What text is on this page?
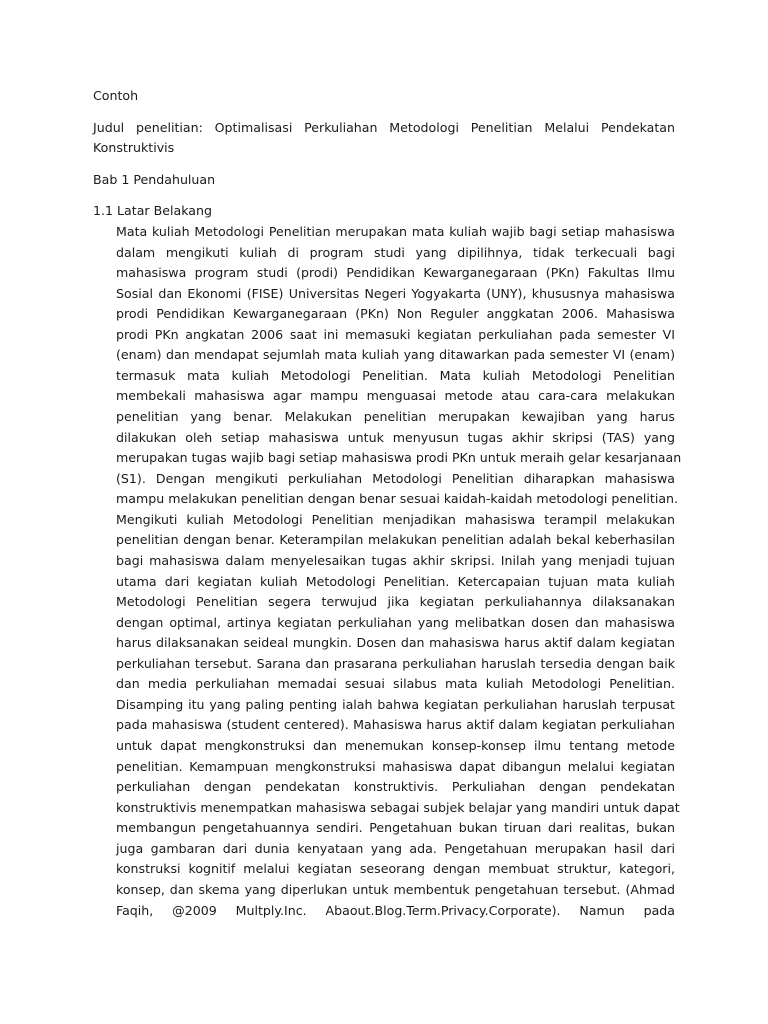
Contoh
Judul penelitian: Optimalisasi Perkuliahan Metodologi Penelitian Melalui Pendekatan
Konstruktivis
Bab 1 Pendahuluan
1.1 Latar Belakang
Mata kuliah Metodologi Penelitian merupakan mata kuliah wajib bagi setiap mahasiswa
dalam mengikuti kuliah di program studi yang dipilihnya, tidak terkecuali bagi
mahasiswa program studi (prodi) Pendidikan Kewarganegaraan (PKn) Fakultas Ilmu
Sosial dan Ekonomi (FISE) Universitas Negeri Yogyakarta (UNY), khususnya mahasiswa
prodi Pendidikan Kewarganegaraan (PKn) Non Reguler anggkatan 2006. Mahasiswa
prodi PKn angkatan 2006 saat ini memasuki kegiatan perkuliahan pada semester VI
(enam) dan mendapat sejumlah mata kuliah yang ditawarkan pada semester VI (enam)
termasuk mata kuliah Metodologi Penelitian. Mata kuliah Metodologi Penelitian
membekali mahasiswa agar mampu menguasai metode atau cara-cara melakukan
penelitian yang benar. Melakukan penelitian merupakan kewajiban yang harus
dilakukan oleh setiap mahasiswa untuk menyusun tugas akhir skripsi (TAS) yang
merupakan tugas wajib bagi setiap mahasiswa prodi PKn untuk meraih gelar kesarjanaan
(S1). Dengan mengikuti perkuliahan Metodologi Penelitian diharapkan mahasiswa
mampu melakukan penelitian dengan benar sesuai kaidah-kaidah metodologi penelitian.
Mengikuti kuliah Metodologi Penelitian menjadikan mahasiswa terampil melakukan
penelitian dengan benar. Keterampilan melakukan penelitian adalah bekal keberhasilan
bagi mahasiswa dalam menyelesaikan tugas akhir skripsi. Inilah yang menjadi tujuan
utama dari kegiatan kuliah Metodologi Penelitian. Ketercapaian tujuan mata kuliah
Metodologi Penelitian segera terwujud jika kegiatan perkuliahannya dilaksanakan
dengan optimal, artinya kegiatan perkuliahan yang melibatkan dosen dan mahasiswa
harus dilaksanakan seideal mungkin. Dosen dan mahasiswa harus aktif dalam kegiatan
perkuliahan tersebut. Sarana dan prasarana perkuliahan haruslah tersedia dengan baik
dan media perkuliahan memadai sesuai silabus mata kuliah Metodologi Penelitian.
Disamping itu yang paling penting ialah bahwa kegiatan perkuliahan haruslah terpusat
pada mahasiswa (student centered). Mahasiswa harus aktif dalam kegiatan perkuliahan
untuk dapat mengkonstruksi dan menemukan konsep-konsep ilmu tentang metode
penelitian. Kemampuan mengkonstruksi mahasiswa dapat dibangun melalui kegiatan
perkuliahan dengan pendekatan konstruktivis. Perkuliahan dengan pendekatan
konstruktivis menempatkan mahasiswa sebagai subjek belajar yang mandiri untuk dapat
membangun pengetahuannya sendiri. Pengetahuan bukan tiruan dari realitas, bukan
juga gambaran dari dunia kenyataan yang ada. Pengetahuan merupakan hasil dari
konstruksi kognitif melalui kegiatan seseorang dengan membuat struktur, kategori,
konsep, dan skema yang diperlukan untuk membentuk pengetahuan tersebut. (Ahmad
Faqih, @2009 Multply.Inc. Abaout.Blog.Term.Privacy.Corporate). Namun pada
